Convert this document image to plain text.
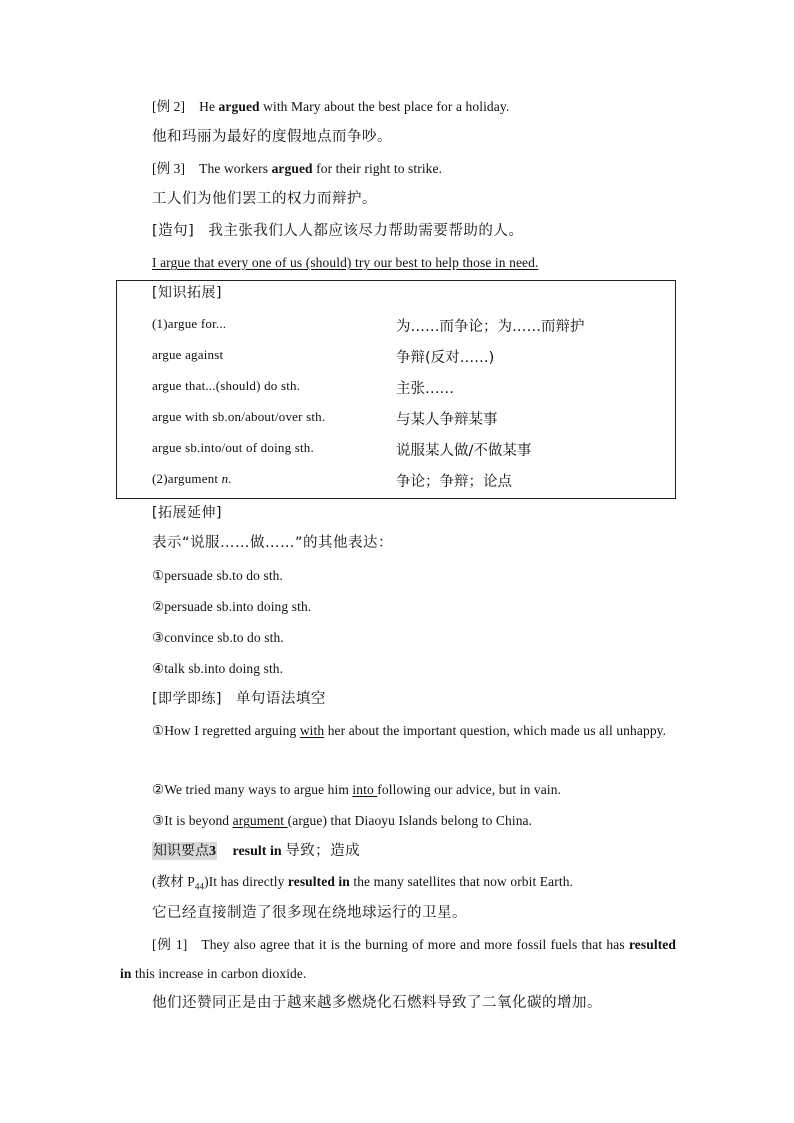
[例 2] He argued with Mary about the best place for a holiday.
他和玛丽为最好的度假地点而争吵。
[例 3] The workers argued for their right to strike.
工人们为他们罢工的权力而辩护。
[造句] 我主张我们人人都应该尽力帮助需要帮助的人。
I argue that every one of us (should) try our best to help those in need.
[知识拓展]
(1)argue for...	为……而争论；为……而辩护
argue against	争辩(反对……)
argue that...(should) do sth.	主张……
argue with sb.on/about/over sth.	与某人争辩某事
argue sb.into/out of doing sth.	说服某人做/不做某事
(2)argument n.	争论；争辩；论点
[拓展延伸]
表示“说服……做……”的其他表达：
①persuade sb.to do sth.
②persuade sb.into doing sth.
③convince sb.to do sth.
④talk sb.into doing sth.
[即学即练] 单句语法填空
①How I regretted arguing with her about the important question, which made us all unhappy.
②We tried many ways to argue him into following our advice, but in vain.
③It is beyond argument (argue) that Diaoyu Islands belong to China.
知识要点3 result in 导致；造成
(教材 $P_{44})It$ has directly resulted in the many satellites that now orbit Earth.
它已经直接制造了很多现在绕地球运行的卫星。
[例 1] They also agree that it is the burning of more and more fossil fuels that has resulted in this increase in carbon dioxide.
他们还赞同正是由于越来越多燃烧化石燃料导致了二氧化碳的增加。
